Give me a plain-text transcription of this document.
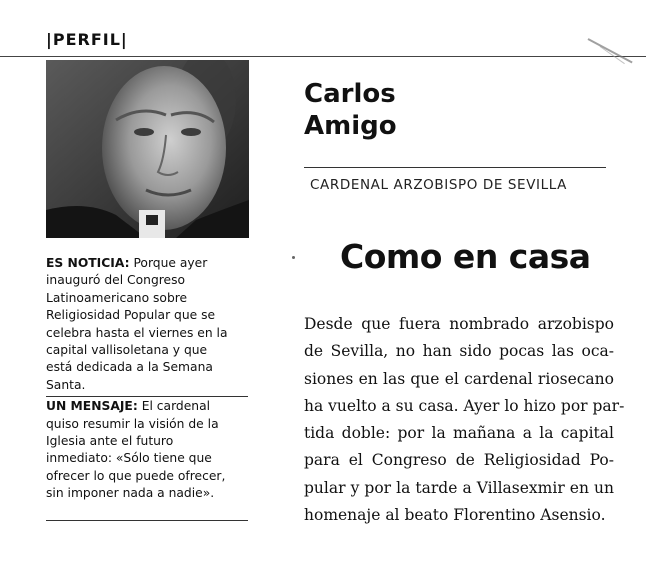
|PERFIL|
Carlos
Amigo
CARDENAL ARZOBISPO DE SEVILLA
Como en casa

Desde que fuera nombrado arzobispo
de Sevilla, no han sido pocas las oca-
siones en las que el cardenal riosecano
ha vuelto a su casa. Ayer lo hizo por par-
tida doble: por la mañana a la capital
para el Congreso de Religiosidad Po-
pular y por la tarde a Villasexmir en un
homenaje al beato Florentino Asensio.

ES NOTICIA: Porque ayer
inauguró del Congreso
Latinoamericano sobre
Religiosidad Popular que se
celebra hasta el viernes en la
capital vallisoletana y que
está dedicada a la Semana
Santa.

UN MENSAJE: El cardenal
quiso resumir la visión de la
Iglesia ante el futuro
inmediato: «Sólo tiene que
ofrecer lo que puede ofrecer,
sin imponer nada a nadie».
